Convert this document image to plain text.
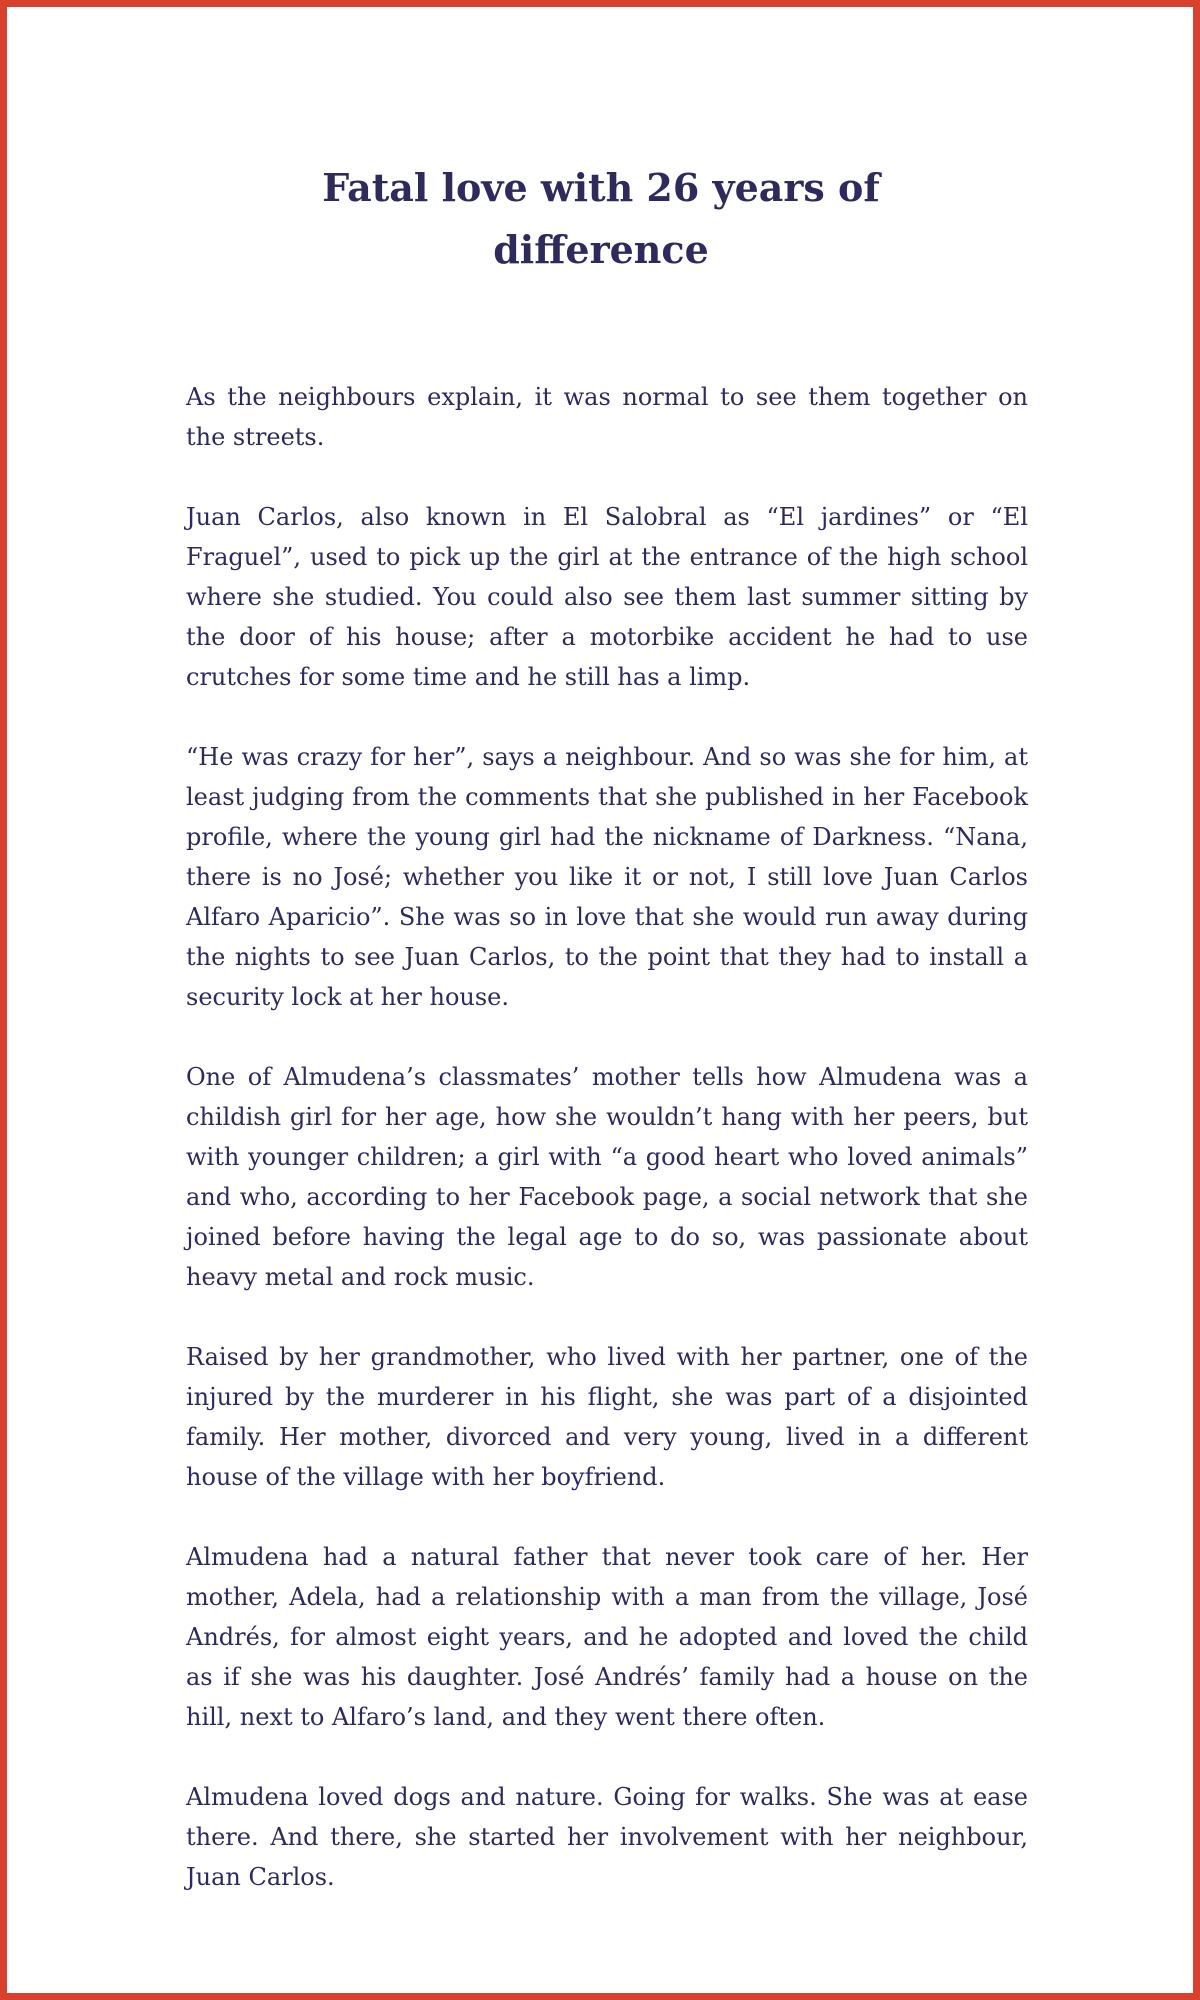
Fatal love with 26 years of difference

As the neighbours explain, it was normal to see them together on the streets.

Juan Carlos, also known in El Salobral as “El jardines” or “El Fraguel”, used to pick up the girl at the entrance of the high school where she studied. You could also see them last summer sitting by the door of his house; after a motorbike accident he had to use crutches for some time and he still has a limp.

“He was crazy for her”, says a neighbour. And so was she for him, at least judging from the comments that she published in her Facebook profile, where the young girl had the nickname of Darkness. “Nana, there is no José; whether you like it or not, I still love Juan Carlos Alfaro Aparicio”. She was so in love that she would run away during the nights to see Juan Carlos, to the point that they had to install a security lock at her house.

One of Almudena’s classmates’ mother tells how Almudena was a childish girl for her age, how she wouldn’t hang with her peers, but with younger children; a girl with “a good heart who loved animals” and who, according to her Facebook page, a social network that she joined before having the legal age to do so, was passionate about heavy metal and rock music.

Raised by her grandmother, who lived with her partner, one of the injured by the murderer in his flight, she was part of a disjointed family. Her mother, divorced and very young, lived in a different house of the village with her boyfriend.

Almudena had a natural father that never took care of her. Her mother, Adela, had a relationship with a man from the village, José Andrés, for almost eight years, and he adopted and loved the child as if she was his daughter. José Andrés’ family had a house on the hill, next to Alfaro’s land, and they went there often.

Almudena loved dogs and nature. Going for walks. She was at ease there. And there, she started her involvement with her neighbour, Juan Carlos.
